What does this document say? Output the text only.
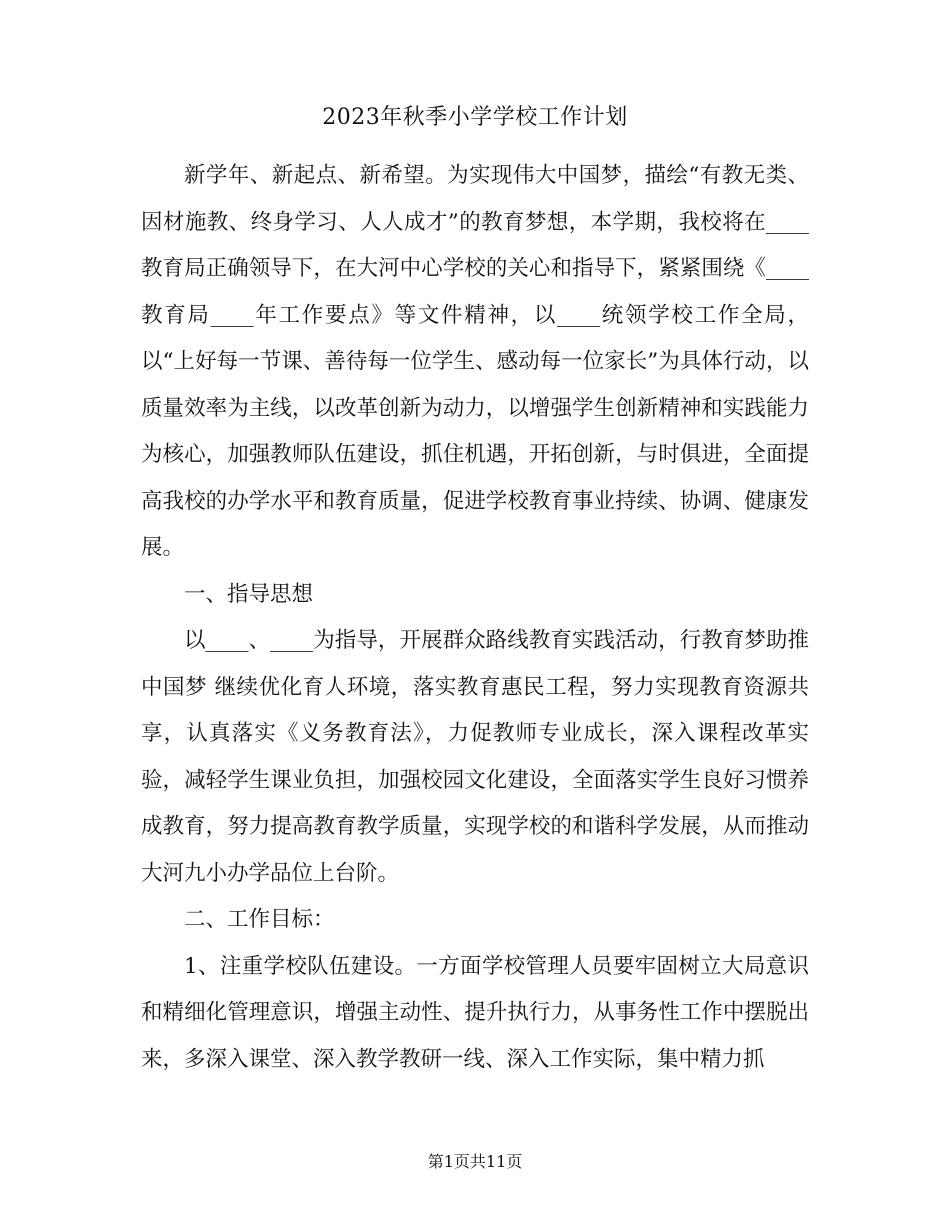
2023年秋季小学学校工作计划

新学年、新起点、新希望。为实现伟大中国梦，描绘“有教无类、因材施教、终身学习、人人成才”的教育梦想，本学期，我校将在____教育局正确领导下，在大河中心学校的关心和指导下，紧紧围绕《____教育局____年工作要点》等文件精神，以____统领学校工作全局，以“上好每一节课、善待每一位学生、感动每一位家长”为具体行动，以质量效率为主线，以改革创新为动力，以增强学生创新精神和实践能力为核心，加强教师队伍建设，抓住机遇，开拓创新，与时俱进，全面提高我校的办学水平和教育质量，促进学校教育事业持续、协调、健康发展。

一、指导思想

以____、____为指导，开展群众路线教育实践活动，行教育梦助推中国梦 继续优化育人环境，落实教育惠民工程，努力实现教育资源共享，认真落实《义务教育法》，力促教师专业成长，深入课程改革实验，减轻学生课业负担，加强校园文化建设，全面落实学生良好习惯养成教育，努力提高教育教学质量，实现学校的和谐科学发展，从而推动大河九小办学品位上台阶。

二、工作目标：

1、注重学校队伍建设。一方面学校管理人员要牢固树立大局意识和精细化管理意识，增强主动性、提升执行力，从事务性工作中摆脱出来，多深入课堂、深入教学教研一线、深入工作实际，集中精力抓

第1页共11页
